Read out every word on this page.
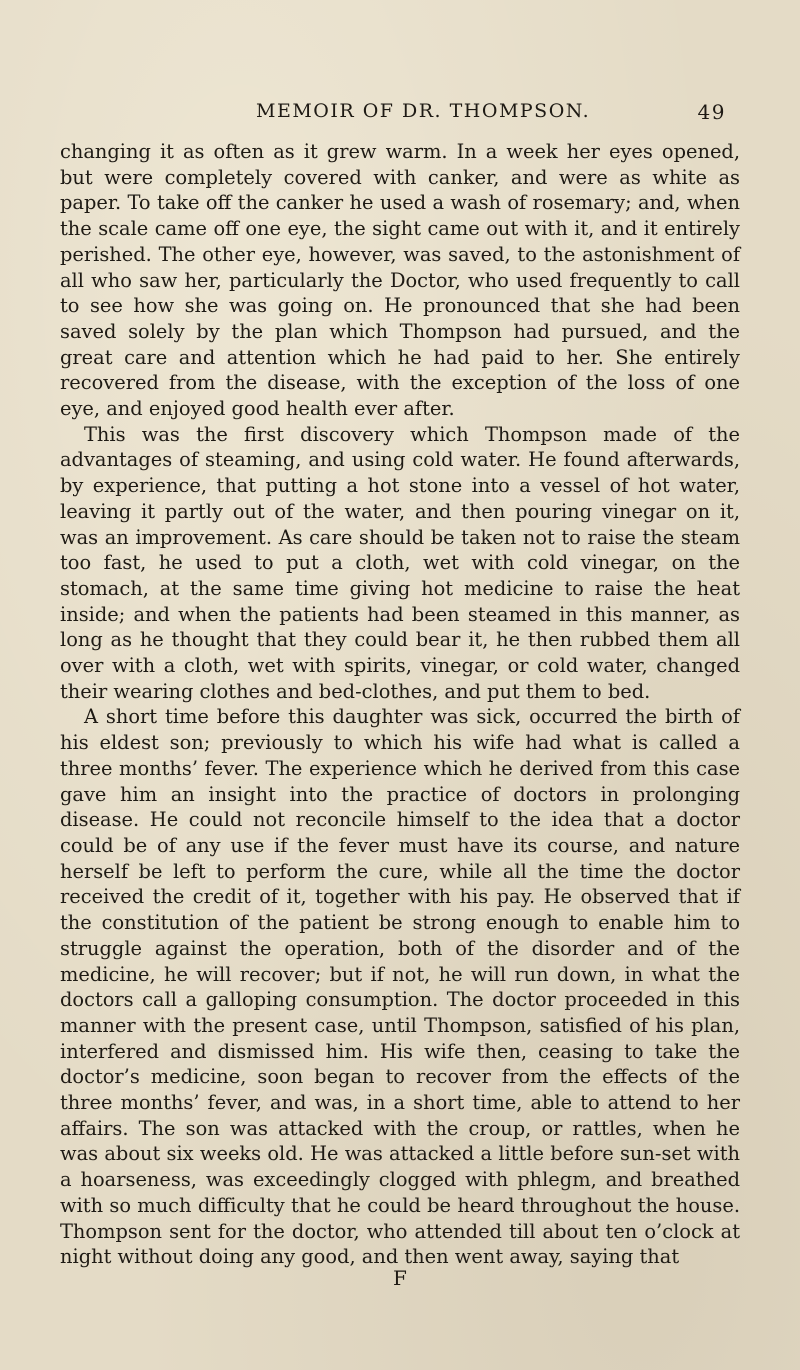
MEMOIR OF DR. THOMPSON.	49

changing it as often as it grew warm. In a week her eyes opened, but were completely covered with canker, and were as white as paper. To take off the canker he used a wash of rosemary; and, when the scale came off one eye, the sight came out with it, and it entirely perished. The other eye, however, was saved, to the astonishment of all who saw her, particularly the Doctor, who used frequently to call to see how she was going on. He pronounced that she had been saved solely by the plan which Thompson had pursued, and the great care and attention which he had paid to her. She entirely recovered from the disease, with the exception of the loss of one eye, and enjoyed good health ever after.

This was the first discovery which Thompson made of the advantages of steaming, and using cold water. He found afterwards, by experience, that putting a hot stone into a vessel of hot water, leaving it partly out of the water, and then pouring vinegar on it, was an improvement. As care should be taken not to raise the steam too fast, he used to put a cloth, wet with cold vinegar, on the stomach, at the same time giving hot medicine to raise the heat inside; and when the patients had been steamed in this manner, as long as he thought that they could bear it, he then rubbed them all over with a cloth, wet with spirits, vinegar, or cold water, changed their wearing clothes and bed-clothes, and put them to bed.

A short time before this daughter was sick, occurred the birth of his eldest son; previously to which his wife had what is called a three months’ fever. The experience which he derived from this case gave him an insight into the practice of doctors in prolonging disease. He could not reconcile himself to the idea that a doctor could be of any use if the fever must have its course, and nature herself be left to perform the cure, while all the time the doctor received the credit of it, together with his pay. He observed that if the constitution of the patient be strong enough to enable him to struggle against the operation, both of the disorder and of the medicine, he will recover; but if not, he will run down, in what the doctors call a galloping consumption. The doctor proceeded in this manner with the present case, until Thompson, satisfied of his plan, interfered and dismissed him. His wife then, ceasing to take the doctor’s medicine, soon began to recover from the effects of the three months’ fever, and was, in a short time, able to attend to her affairs. The son was attacked with the croup, or rattles, when he was about six weeks old. He was attacked a little before sun-set with a hoarseness, was exceedingly clogged with phlegm, and breathed with so much difficulty that he could be heard throughout the house. Thompson sent for the doctor, who attended till about ten o’clock at night without doing any good, and then went away, saying that

F
